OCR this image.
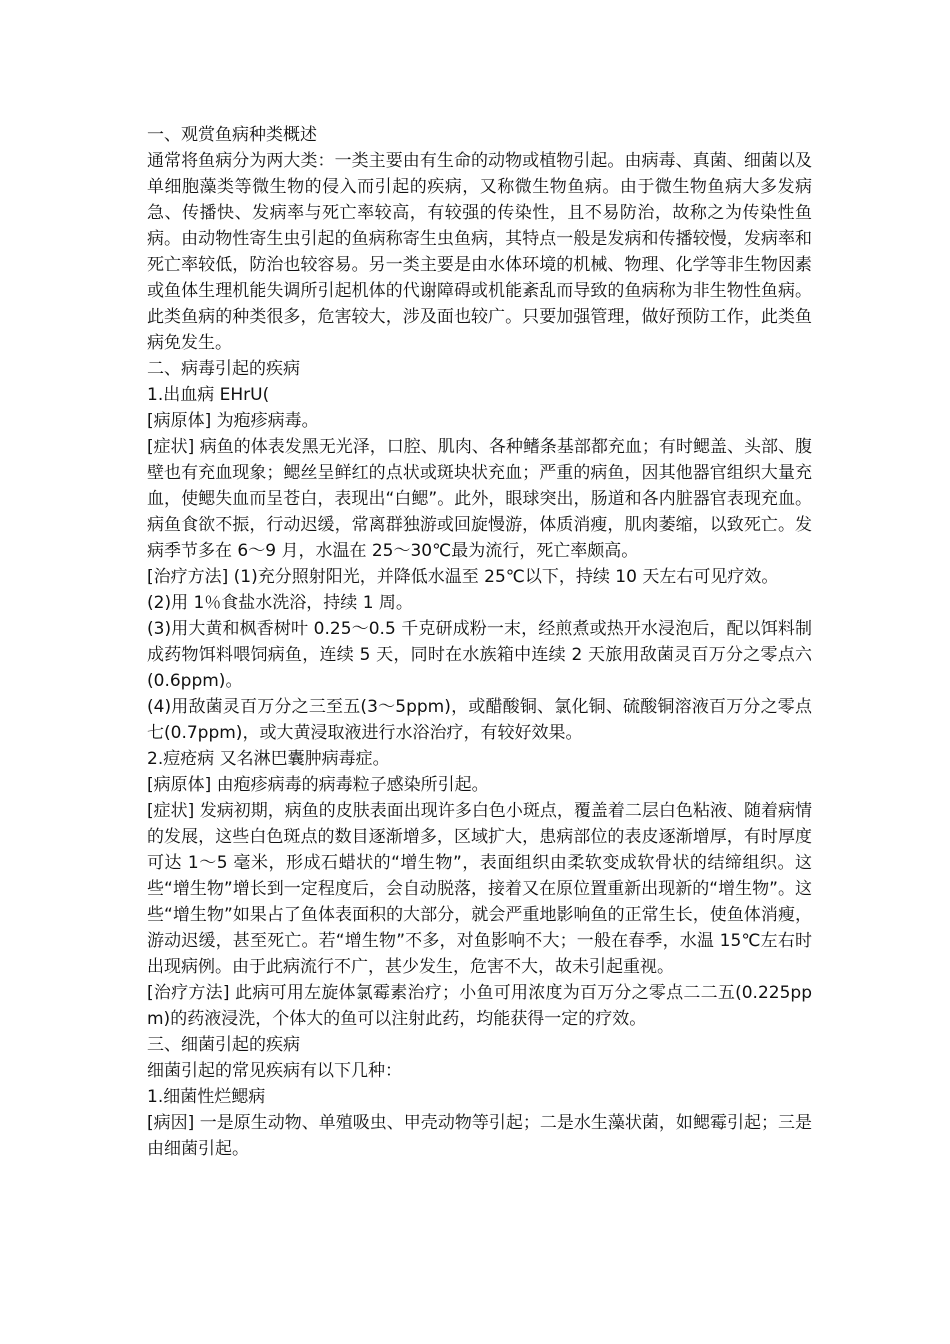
一、观赏鱼病种类概述

通常将鱼病分为两大类：一类主要由有生命的动物或植物引起。由病毒、真菌、细菌以及单细胞藻类等微生物的侵入而引起的疾病，又称微生物鱼病。由于微生物鱼病大多发病急、传播快、发病率与死亡率较高，有较强的传染性，且不易防治，故称之为传染性鱼病。由动物性寄生虫引起的鱼病称寄生虫鱼病，其特点一般是发病和传播较慢，发病率和死亡率较低，防治也较容易。另一类主要是由水体环境的机械、物理、化学等非生物因素或鱼体生理机能失调所引起机体的代谢障碍或机能紊乱而导致的鱼病称为非生物性鱼病。此类鱼病的种类很多，危害较大，涉及面也较广。只要加强管理，做好预防工作，此类鱼病免发生。

二、病毒引起的疾病

1.出血病 EHrU(

[病原体] 为疱疹病毒。

[症状] 病鱼的体表发黑无光泽，口腔、肌肉、各种鳍条基部都充血；有时鳃盖、头部、腹壁也有充血现象；鳃丝呈鲜红的点状或斑块状充血；严重的病鱼，因其他器官组织大量充血，使鳃失血而呈苍白，表现出“白鳃”。此外，眼球突出，肠道和各内脏器官表现充血。病鱼食欲不振，行动迟缓，常离群独游或回旋慢游，体质消瘦，肌肉萎缩，以致死亡。发病季节多在 6～9 月，水温在 25～30℃最为流行，死亡率颇高。

[治疗方法] (1)充分照射阳光，并降低水温至 25℃以下，持续 10 天左右可见疗效。

(2)用 1％食盐水洗浴，持续 1 周。

(3)用大黄和枫香树叶 0.25～0.5 千克研成粉一末，经煎煮或热开水浸泡后，配以饵料制成药物饵料喂饲病鱼，连续 5 天，同时在水族箱中连续 2 天旅用敌菌灵百万分之零点六(0.6ppm)。

(4)用敌菌灵百万分之三至五(3～5ppm)，或醋酸铜、氯化铜、硫酸铜溶液百万分之零点七(0.7ppm)，或大黄浸取液进行水浴治疗，有较好效果。

2.痘疮病 又名淋巴囊肿病毒症。

[病原体] 由疱疹病毒的病毒粒子感染所引起。

[症状] 发病初期，病鱼的皮肤表面出现许多白色小斑点，覆盖着二层白色粘液、随着病情的发展，这些白色斑点的数目逐渐增多，区域扩大，患病部位的表皮逐渐增厚，有时厚度可达 1～5 毫米，形成石蜡状的“增生物”，表面组织由柔软变成软骨状的结缔组织。这些“增生物”增长到一定程度后，会自动脱落，接着又在原位置重新出现新的“增生物”。这些“增生物”如果占了鱼体表面积的大部分，就会严重地影响鱼的正常生长，使鱼体消瘦，游动迟缓，甚至死亡。若“增生物”不多，对鱼影响不大；一般在春季，水温 15℃左右时出现病例。由于此病流行不广，甚少发生，危害不大，故未引起重视。

[治疗方法] 此病可用左旋体氯霉素治疗；小鱼可用浓度为百万分之零点二二五(0.225ppm)的药液浸洗，个体大的鱼可以注射此药，均能获得一定的疗效。

三、细菌引起的疾病

细菌引起的常见疾病有以下几种：

1.细菌性烂鳃病

[病因] 一是原生动物、单殖吸虫、甲壳动物等引起；二是水生藻状菌，如鳃霉引起；三是由细菌引起。
